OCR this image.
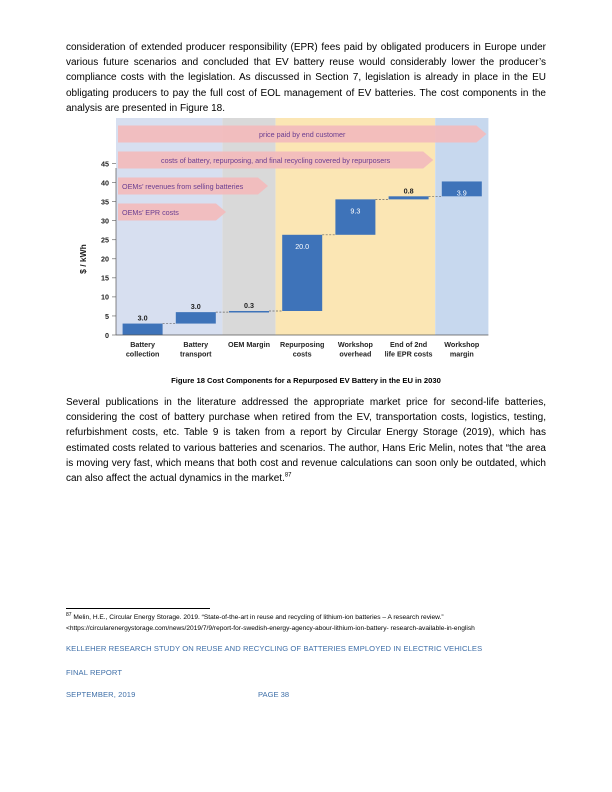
consideration of extended producer responsibility (EPR) fees paid by obligated producers in Europe under various future scenarios and concluded that EV battery reuse would considerably lower the producer’s compliance costs with the legislation. As discussed in Section 7, legislation is already in place in the EU obligating producers to pay the full cost of EOL management of EV batteries. The cost components in the analysis are presented in Figure 18.

price paid by end customer
costs of battery, repurposing, and final recycling covered by repurposers
OEMs’ revenues from selling batteries
OEMs’ EPR costs
3.0
3.0	0.3
20.0
9.3
0.8	3.9
0
5
10
15
20
25
30
35
40
45
Battery
collection
Battery
transport
OEM Margin Repurposing
costs
Workshop
overhead
End of 2nd
life EPR costs
Workshop
margin
$ / kWh
Figure 18 Cost Components for a Repurposed EV Battery in the EU in 2030

Several publications in the literature addressed the appropriate market price for second-life batteries, considering the cost of battery purchase when retired from the EV, transportation costs, logistics, testing, refurbishment costs, etc. Table 9 is taken from a report by Circular Energy Storage (2019), which has estimated costs related to various batteries and scenarios. The author, Hans Eric Melin, notes that “the area is moving very fast, which means that both cost and revenue calculations can soon only be outdated, which can also affect the actual dynamics in the market.$^{87}$

$^{87}$ Melin, H.E., Circular Energy Storage. 2019. “State-of-the-art in reuse and recycling of lithium-ion batteries – A research review.”
<https://circularenergystorage.com/news/2019/7/9/report-for-swedish-energy-agency-abour-lithium-ion-battery- research-available-in-english

KELLEHER RESEARCH STUDY ON REUSE AND RECYCLING OF BATTERIES EMPLOYED IN ELECTRIC VEHICLES
FINAL REPORT
SEPTEMBER, 2019	PAGE 38
